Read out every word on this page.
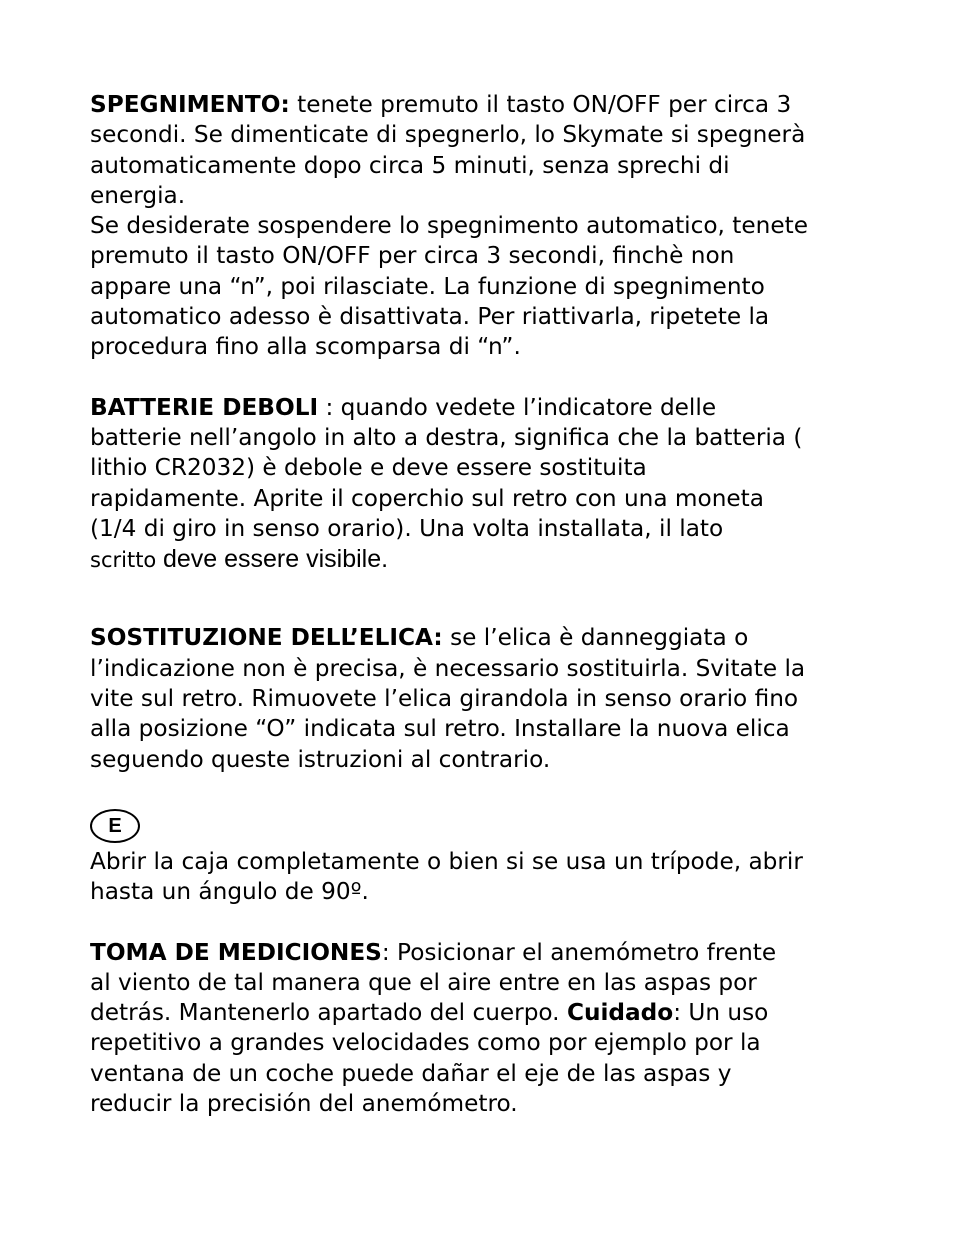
SPEGNIMENTO: tenete premuto il tasto ON/OFF per circa 3
secondi. Se dimenticate di spegnerlo, lo Skymate si spegnerà
automaticamente dopo circa 5 minuti, senza sprechi di
energia.
Se desiderate sospendere lo spegnimento automatico, tenete
premuto il tasto ON/OFF per circa 3 secondi, finchè non
appare una “n”, poi rilasciate. La funzione di spegnimento
automatico adesso è disattivata. Per riattivarla, ripetete la
procedura fino alla scomparsa di “n”.

BATTERIE DEBOLI : quando vedete l’indicatore delle
batterie nell’angolo in alto a destra, significa che la batteria (
lithio CR2032) è debole e deve essere sostituita
rapidamente. Aprite il coperchio sul retro con una moneta
(1/4 di giro in senso orario). Una volta installata, il lato
scritto deve essere visibile.

SOSTITUZIONE DELL’ELICA: se l’elica è danneggiata o
l’indicazione non è precisa, è necessario sostituirla. Svitate la
vite sul retro. Rimuovete l’elica girandola in senso orario fino
alla posizione “O” indicata sul retro. Installare la nuova elica
seguendo queste istruzioni al contrario.

E

Abrir la caja completamente o bien si se usa un trípode, abrir
hasta un ángulo de 90º.

TOMA DE MEDICIONES: Posicionar el anemómetro frente
al viento de tal manera que el aire entre en las aspas por
detrás. Mantenerlo apartado del cuerpo. Cuidado: Un uso
repetitivo a grandes velocidades como por ejemplo por la
ventana de un coche puede dañar el eje de las aspas y
reducir la precisión del anemómetro.
